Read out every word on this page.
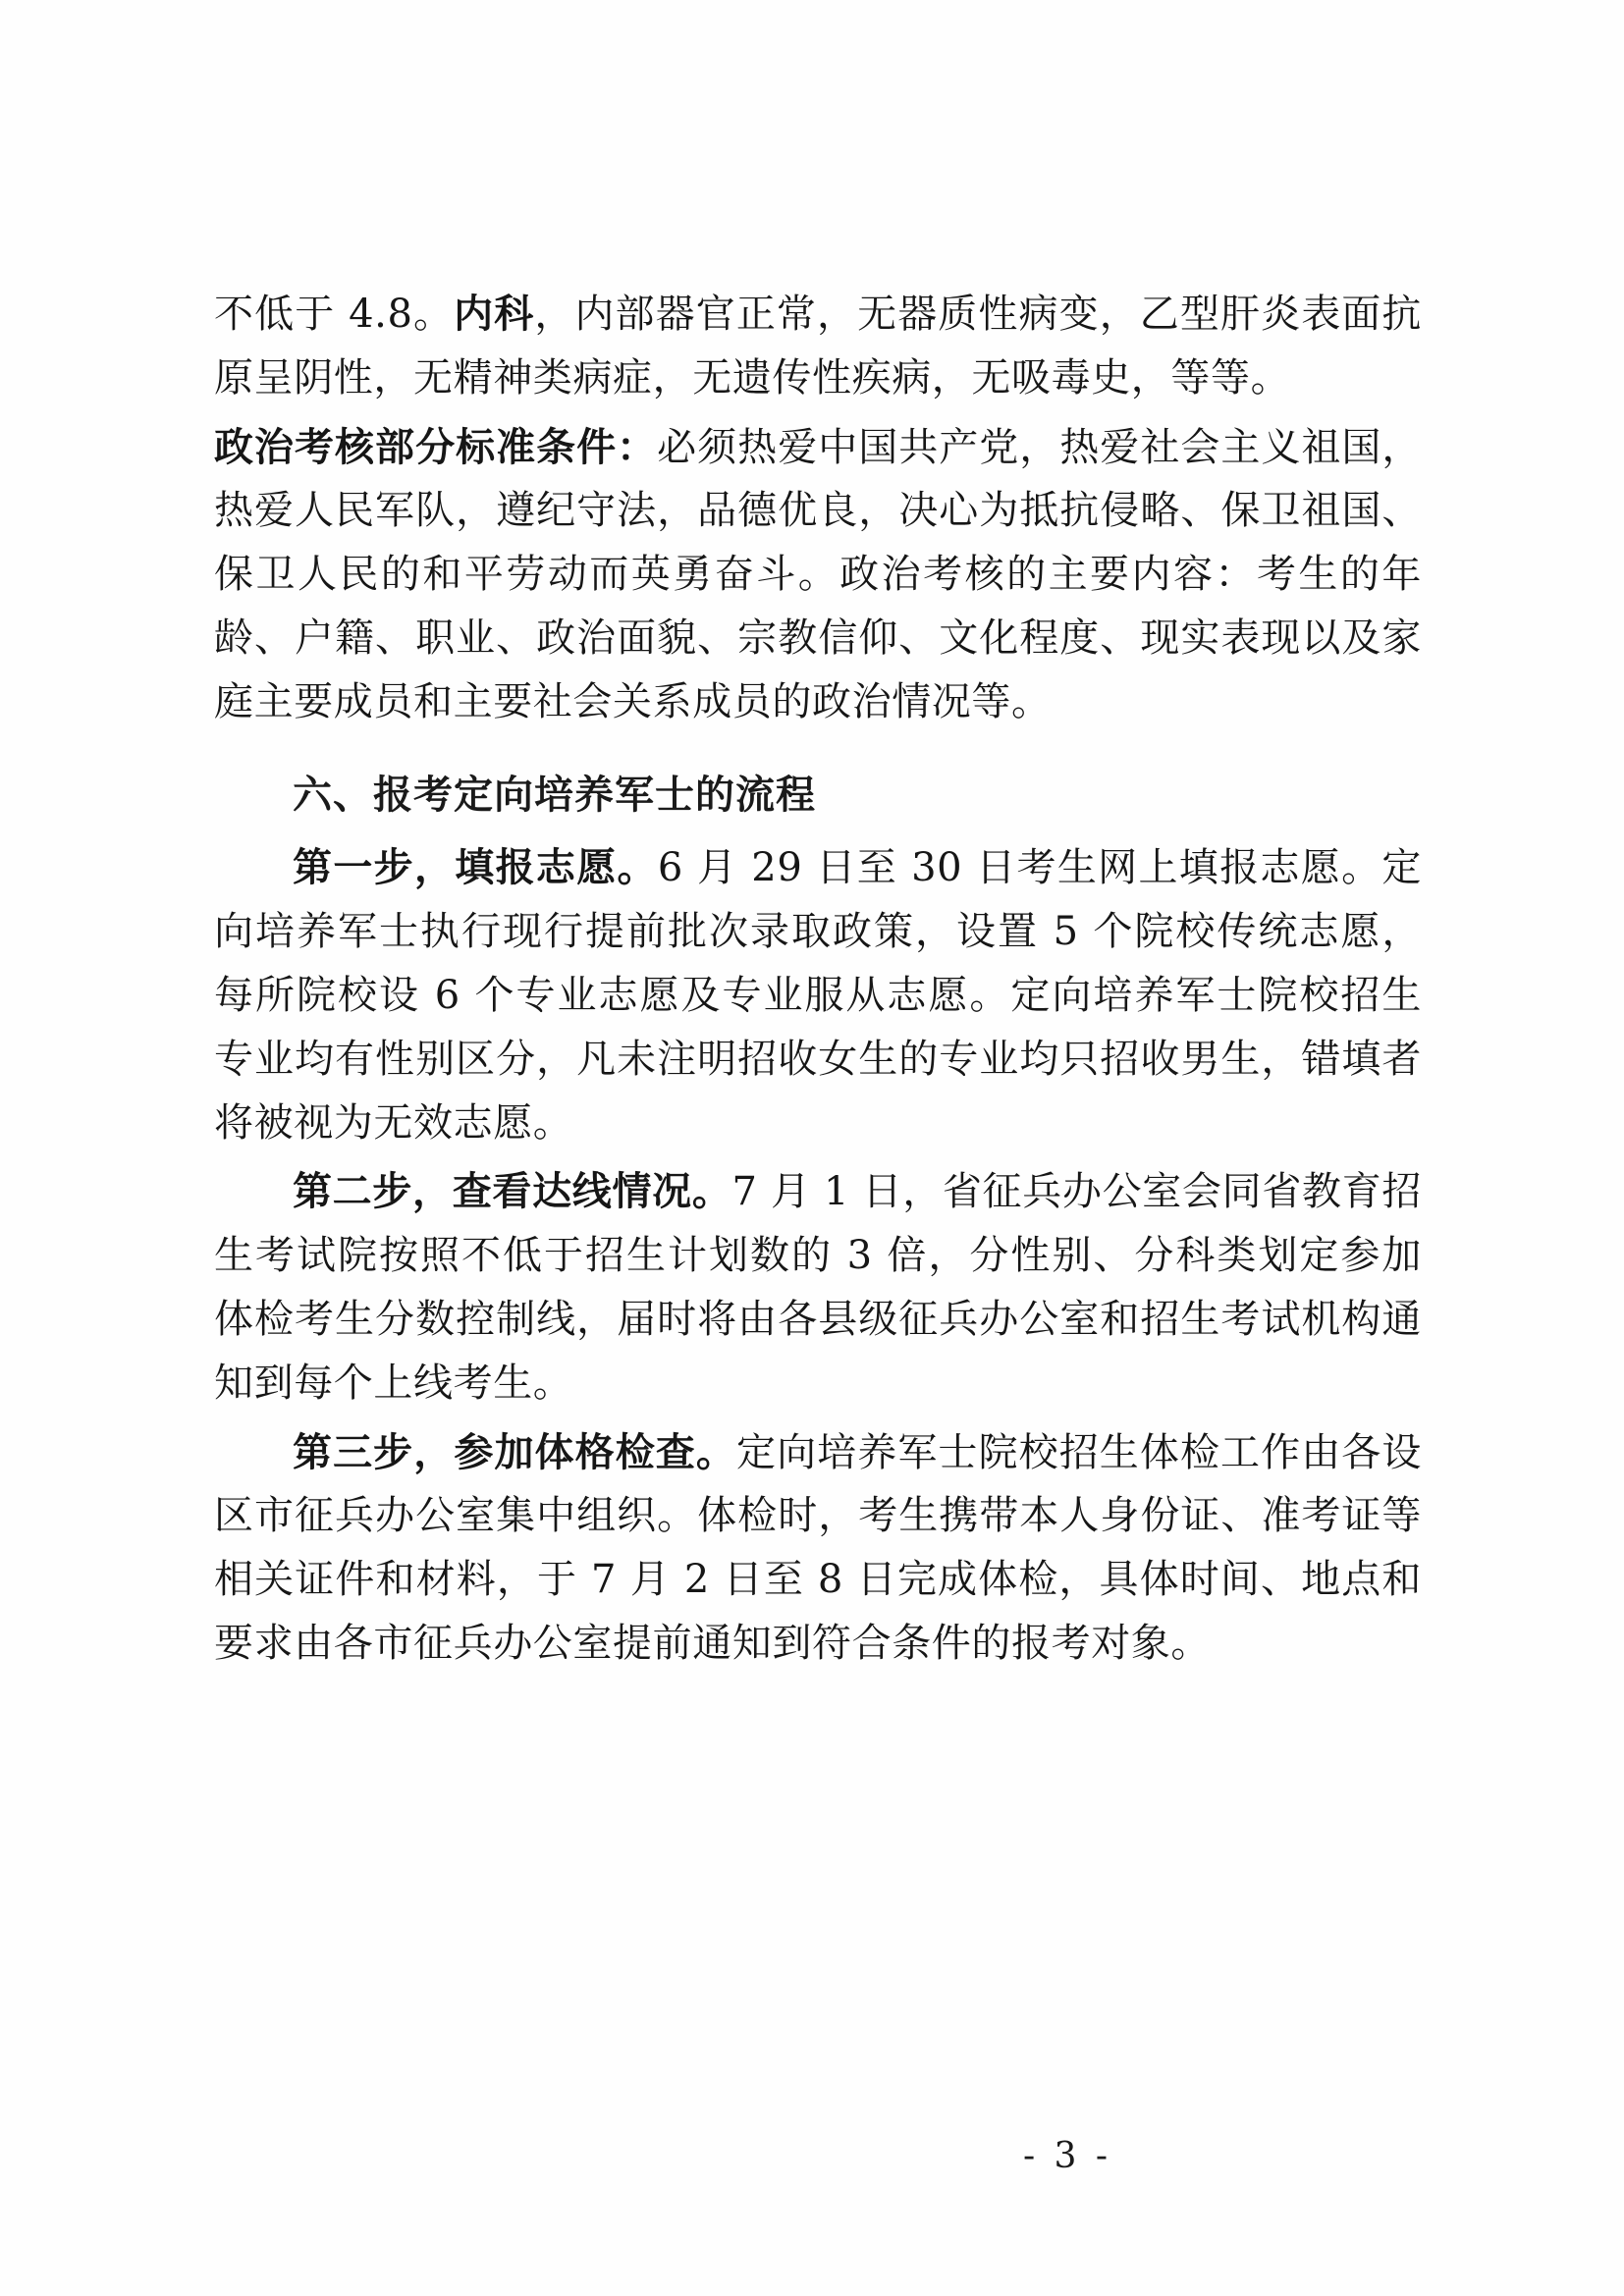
不低于 4.8。内科，内部器官正常，无器质性病变，乙型肝炎表面抗原呈阴性，无精神类病症，无遗传性疾病，无吸毒史，等等。

政治考核部分标准条件：必须热爱中国共产党，热爱社会主义祖国，热爱人民军队，遵纪守法，品德优良，决心为抵抗侵略、保卫祖国、保卫人民的和平劳动而英勇奋斗。政治考核的主要内容：考生的年龄、户籍、职业、政治面貌、宗教信仰、文化程度、现实表现以及家庭主要成员和主要社会关系成员的政治情况等。

六、报考定向培养军士的流程

第一步，填报志愿。6 月 29 日至 30 日考生网上填报志愿。定向培养军士执行现行提前批次录取政策，设置 5 个院校传统志愿，每所院校设 6 个专业志愿及专业服从志愿。定向培养军士院校招生专业均有性别区分，凡未注明招收女生的专业均只招收男生，错填者将被视为无效志愿。

第二步，查看达线情况。7 月 1 日，省征兵办公室会同省教育招生考试院按照不低于招生计划数的 3 倍，分性别、分科类划定参加体检考生分数控制线，届时将由各县级征兵办公室和招生考试机构通知到每个上线考生。

第三步，参加体格检查。定向培养军士院校招生体检工作由各设区市征兵办公室集中组织。体检时，考生携带本人身份证、准考证等相关证件和材料，于 7 月 2 日至 8 日完成体检，具体时间、地点和要求由各市征兵办公室提前通知到符合条件的报考对象。

- 3 -
